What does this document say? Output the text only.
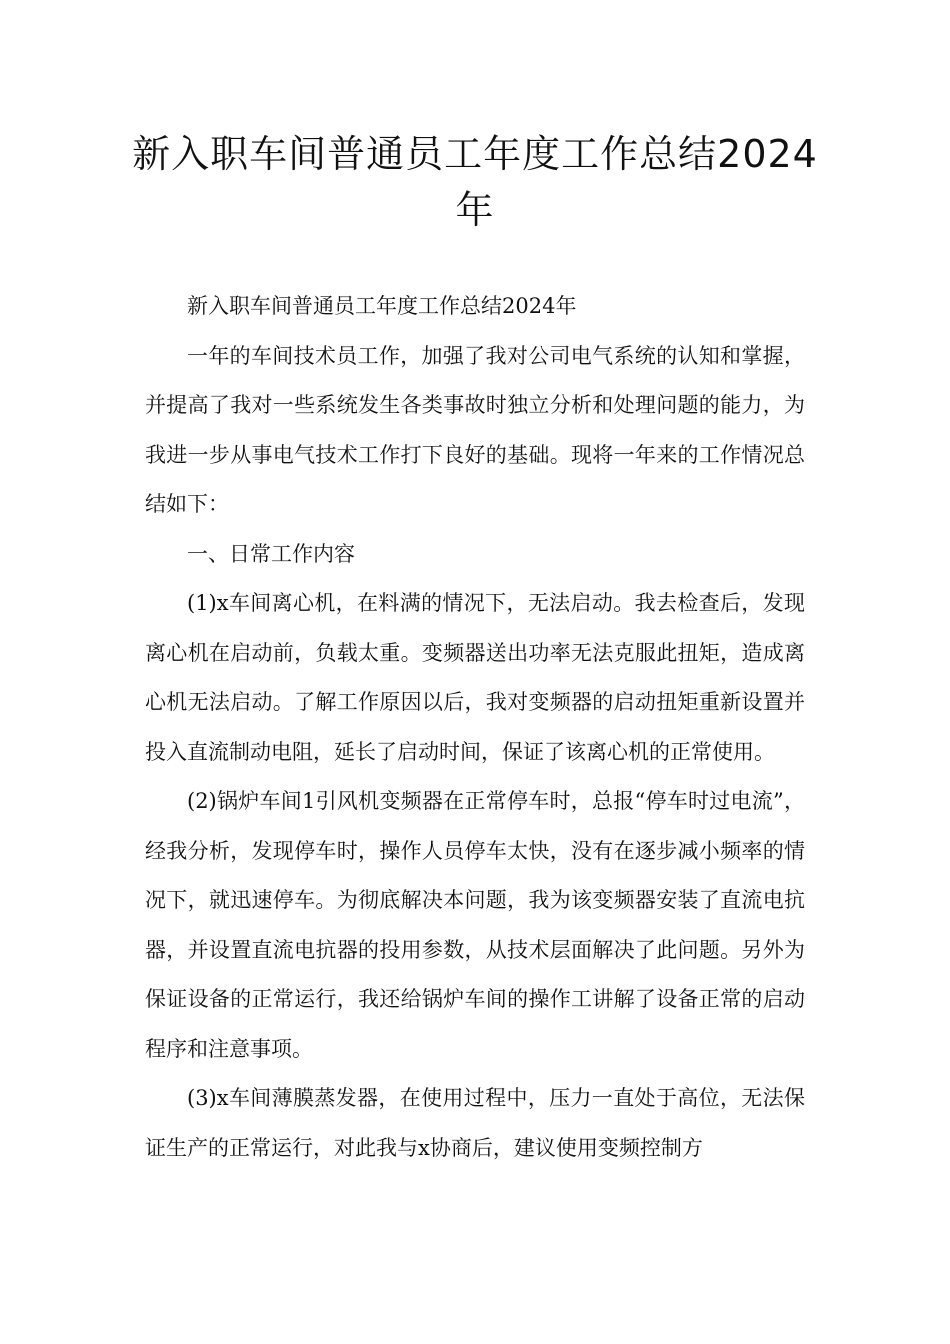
新入职车间普通员工年度工作总结2024年

新入职车间普通员工年度工作总结2024年

一年的车间技术员工作，加强了我对公司电气系统的认知和掌握，并提高了我对一些系统发生各类事故时独立分析和处理问题的能力，为我进一步从事电气技术工作打下良好的基础。现将一年来的工作情况总结如下：

一、日常工作内容

(1)x车间离心机，在料满的情况下，无法启动。我去检查后，发现离心机在启动前，负载太重。变频器送出功率无法克服此扭矩，造成离心机无法启动。了解工作原因以后，我对变频器的启动扭矩重新设置并投入直流制动电阻，延长了启动时间，保证了该离心机的正常使用。

(2)锅炉车间1引风机变频器在正常停车时，总报“停车时过电流”，经我分析，发现停车时，操作人员停车太快，没有在逐步减小频率的情况下，就迅速停车。为彻底解决本问题，我为该变频器安装了直流电抗器，并设置直流电抗器的投用参数，从技术层面解决了此问题。另外为保证设备的正常运行，我还给锅炉车间的操作工讲解了设备正常的启动程序和注意事项。

(3)x车间薄膜蒸发器，在使用过程中，压力一直处于高位，无法保证生产的正常运行，对此我与x协商后，建议使用变频控制方
